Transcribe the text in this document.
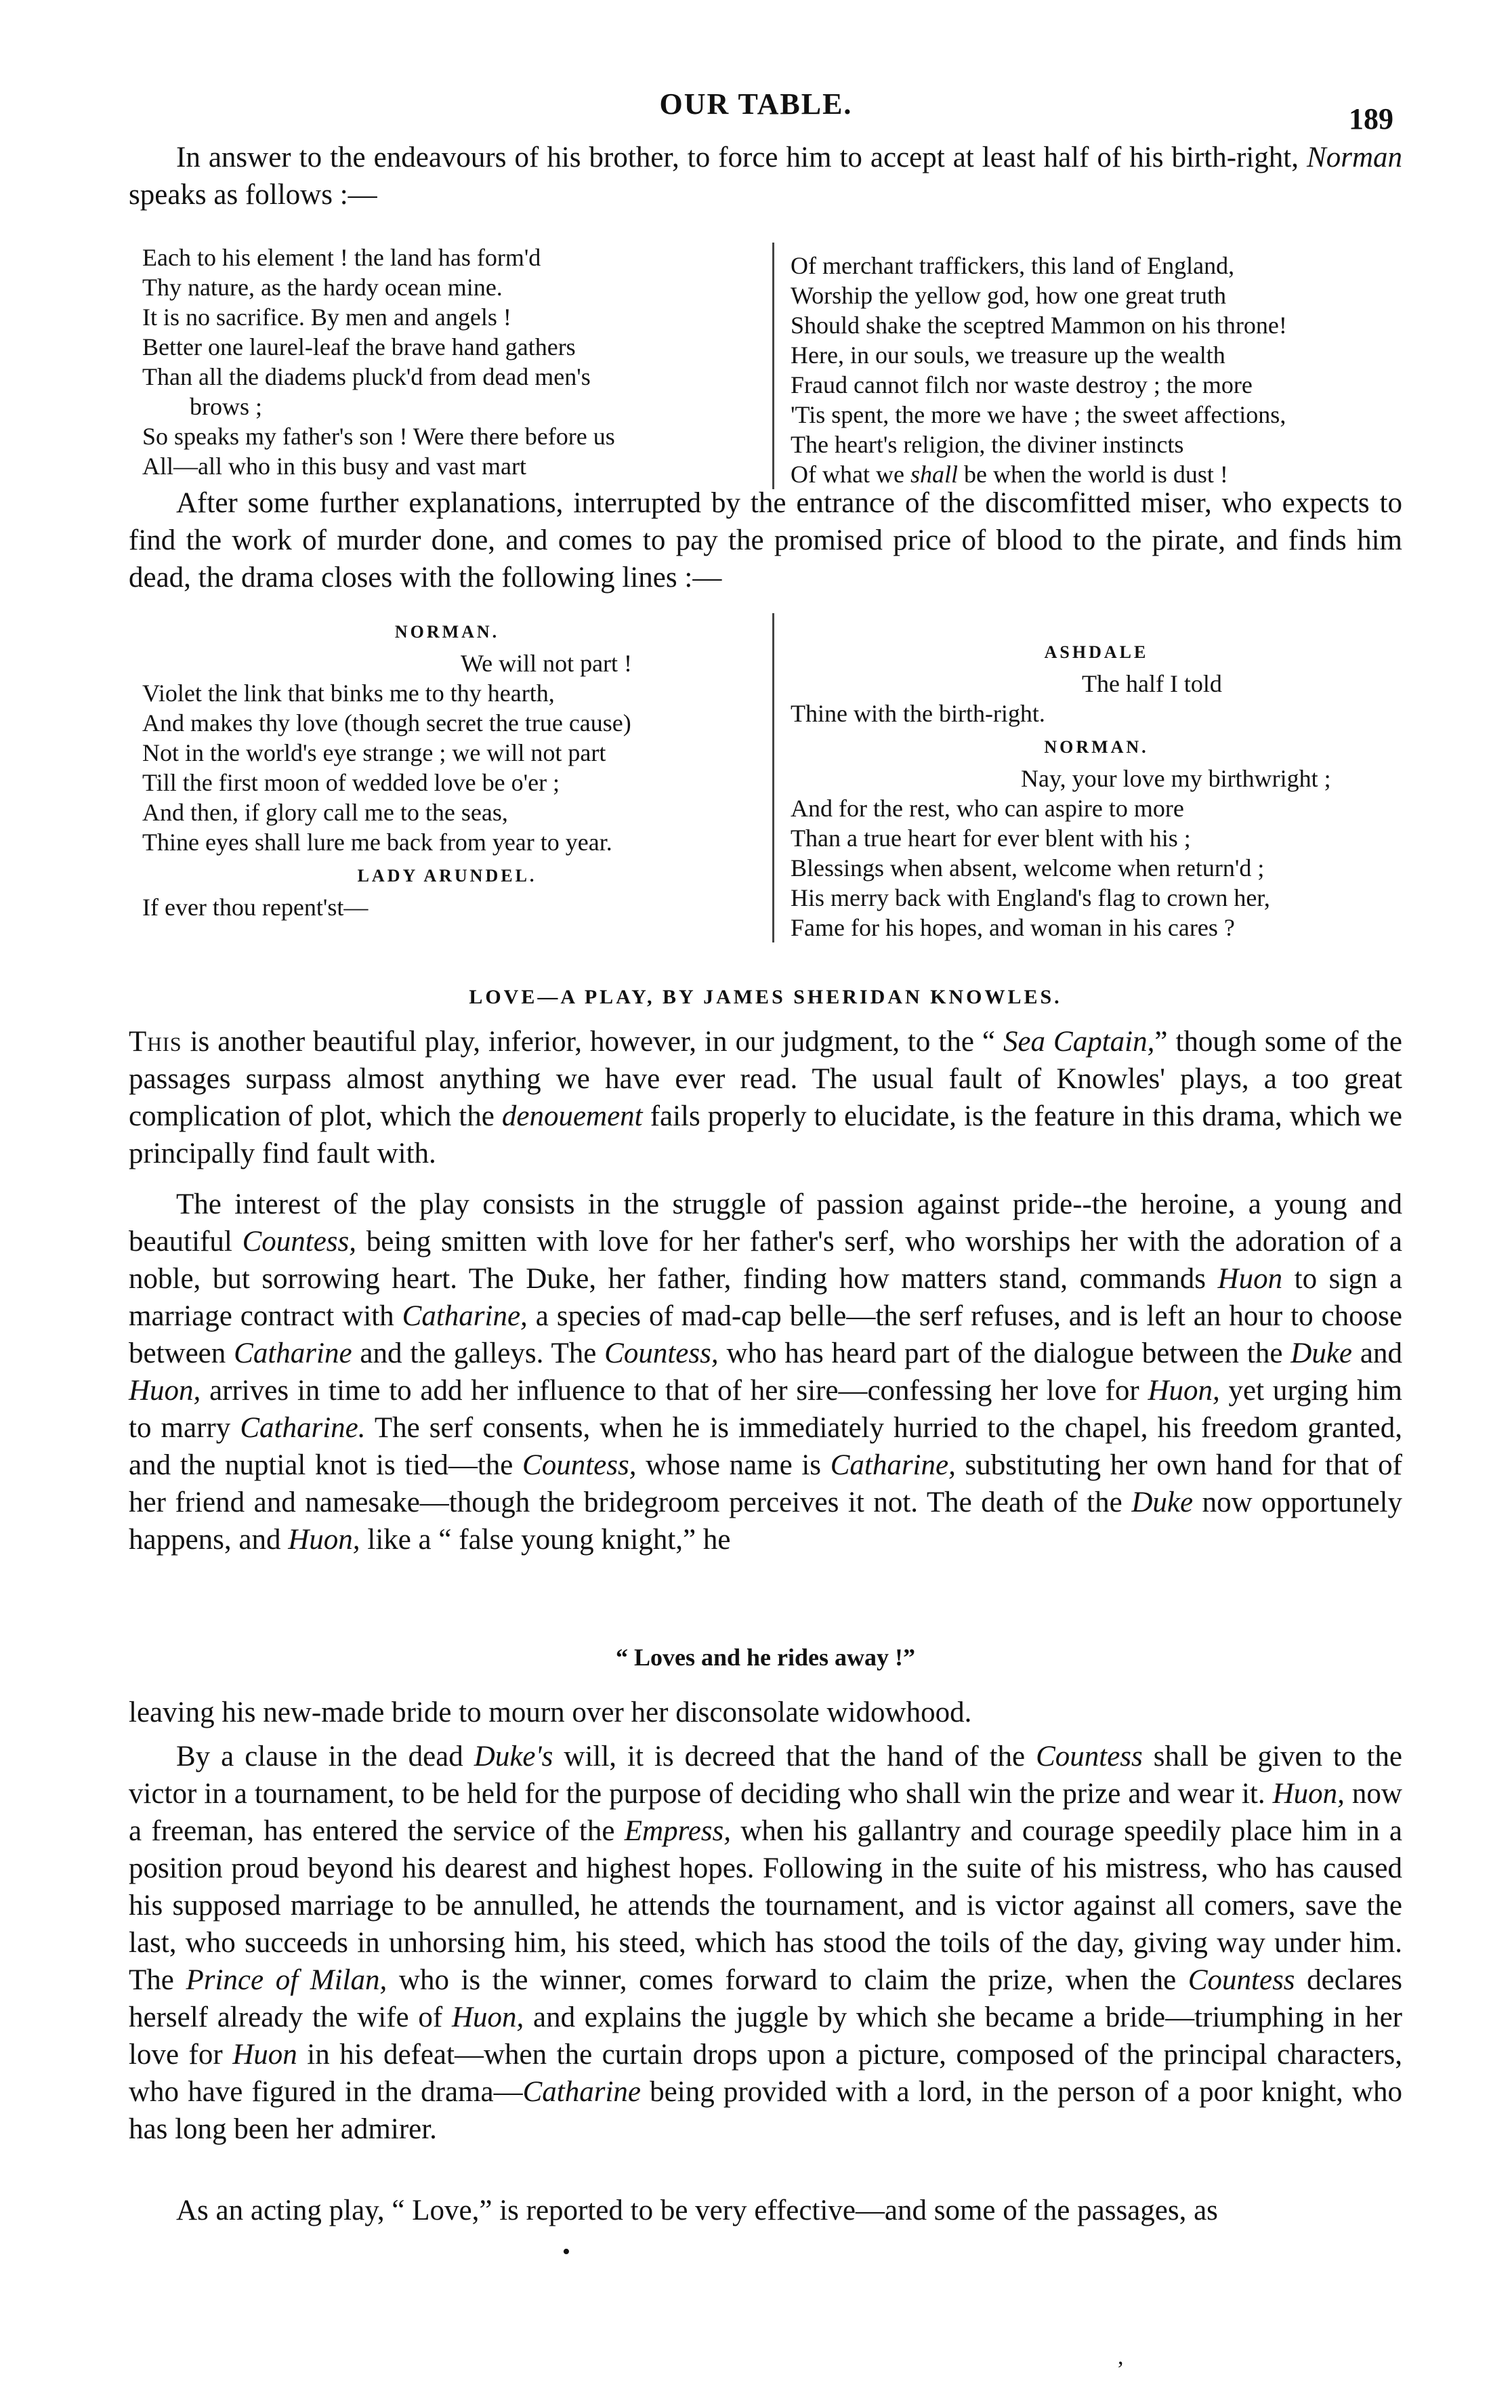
OUR TABLE.	189
In answer to the endeavours of his brother, to force him to accept at least half of his birth-right, Norman speaks as follows :—

Each to his element ! the land has form'd

Thy nature, as the hardy ocean mine.

It is no sacrifice. By men and angels !

Better one laurel-leaf the brave hand gathers

Than all the diadems pluck'd from dead men's

brows ;

So speaks my father's son ! Were there before us

All—all who in this busy and vast mart

Of merchant traffickers, this land of England,

Worship the yellow god, how one great truth

Should shake the sceptred Mammon on his throne!

Here, in our souls, we treasure up the wealth

Fraud cannot filch nor waste destroy ; the more

'Tis spent, the more we have ; the sweet affections,

The heart's religion, the diviner instincts

Of what we shall be when the world is dust !

After some further explanations, interrupted by the entrance of the discomfitted miser, who expects to find the work of murder done, and comes to pay the promised price of blood to the pirate, and finds him dead, the drama closes with the following lines :—
NORMAN.

We will not part !

Violet the link that binks me to thy hearth,

And makes thy love (though secret the true cause)

Not in the world's eye strange ; we will not part

Till the first moon of wedded love be o'er ;

And then, if glory call me to the seas,

Thine eyes shall lure me back from year to year.

LADY ARUNDEL.

If ever thou repent'st—

ASHDALE

The half I told

Thine with the birth-right.

NORMAN.

Nay, your love my birthwright ;

And for the rest, who can aspire to more

Than a true heart for ever blent with his ;

Blessings when absent, welcome when return'd ;

His merry back with England's flag to crown her,

Fame for his hopes, and woman in his cares ?

LOVE—A PLAY, BY JAMES SHERIDAN KNOWLES.
This is another beautiful play, inferior, however, in our judgment, to the “ Sea Captain,” though some of the passages surpass almost anything we have ever read. The usual fault of Knowles' plays, a too great complication of plot, which the denouement fails properly to elucidate, is the feature in this drama, which we principally find fault with.
The interest of the play consists in the struggle of passion against pride--the heroine, a young and beautiful Countess, being smitten with love for her father's serf, who worships her with the adoration of a noble, but sorrowing heart. The Duke, her father, finding how matters stand, commands Huon to sign a marriage contract with Catharine, a species of mad-cap belle—the serf refuses, and is left an hour to choose between Catharine and the galleys. The Countess, who has heard part of the dialogue between the Duke and Huon, arrives in time to add her influence to that of her sire—confessing her love for Huon, yet urging him to marry Catharine. The serf consents, when he is immediately hurried to the chapel, his freedom granted, and the nuptial knot is tied—the Countess, whose name is Catharine, substituting her own hand for that of her friend and namesake—though the bridegroom perceives it not. The death of the Duke now opportunely happens, and Huon, like a “ false young knight,” he
“ Loves and he rides away !”
leaving his new-made bride to mourn over her disconsolate widowhood.
By a clause in the dead Duke's will, it is decreed that the hand of the Countess shall be given to the victor in a tournament, to be held for the purpose of deciding who shall win the prize and wear it. Huon, now a freeman, has entered the service of the Empress, when his gallantry and courage speedily place him in a position proud beyond his dearest and highest hopes. Following in the suite of his mistress, who has caused his supposed marriage to be annulled, he attends the tournament, and is victor against all comers, save the last, who succeeds in unhorsing him, his steed, which has stood the toils of the day, giving way under him. The Prince of Milan, who is the winner, comes forward to claim the prize, when the Countess declares herself already the wife of Huon, and explains the juggle by which she became a bride—triumphing in her love for Huon in his defeat—when the curtain drops upon a picture, composed of the principal characters, who have figured in the drama—Catharine being provided with a lord, in the person of a poor knight, who has long been her admirer.
As an acting play, “ Love,” is reported to be very effective—and some of the passages, as
•
,
